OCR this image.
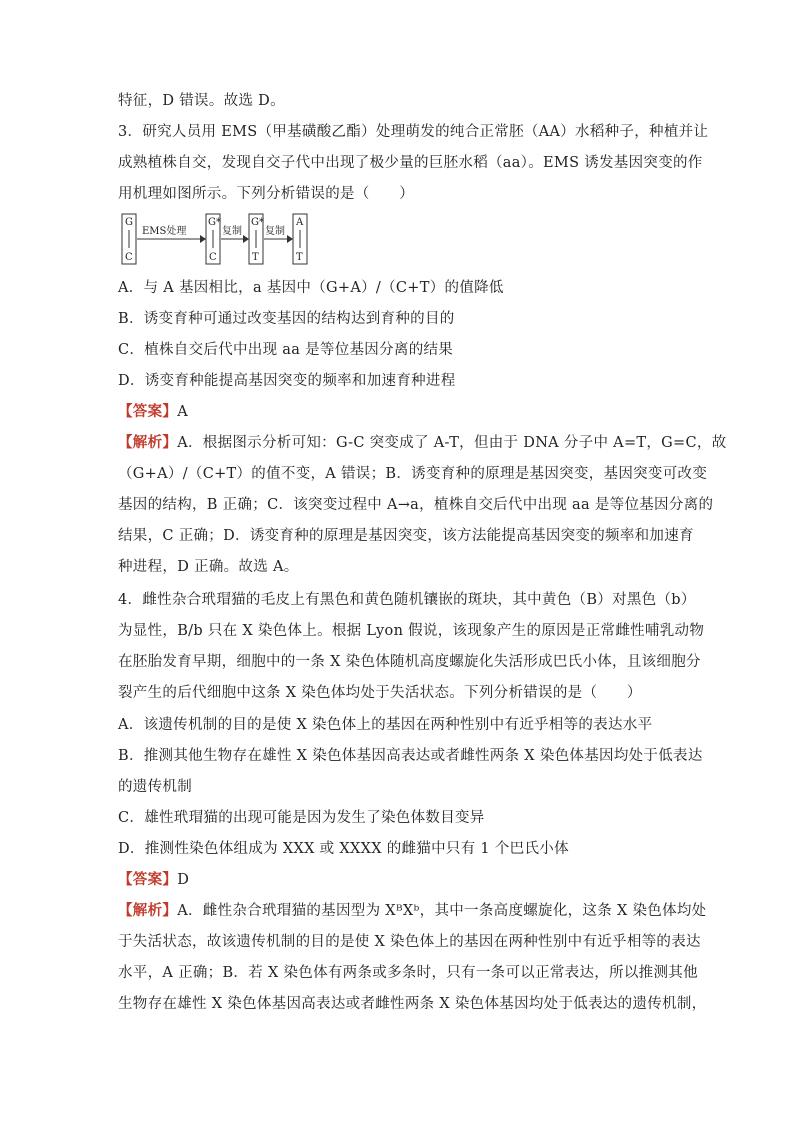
特征，D 错误。故选 D。
3．研究人员用 EMS（甲基磺酸乙酯）处理萌发的纯合正常胚（AA）水稻种子，种植并让
成熟植株自交，发现自交子代中出现了极少量的巨胚水稻（aa）。EMS 诱发基因突变的作
用机理如图所示。下列分析错误的是（　　）
G
C
EMS处理
G*
C
复制
G*
T
复制
A
T
A．与 A 基因相比，a 基因中（G+A）/（C+T）的值降低
B．诱变育种可通过改变基因的结构达到育种的目的
C．植株自交后代中出现 aa 是等位基因分离的结果
D．诱变育种能提高基因突变的频率和加速育种进程
【答案】A
【解析】A．根据图示分析可知：G-C 突变成了 A-T，但由于 DNA 分子中 A=T，G=C，故
（G+A）/（C+T）的值不变，A 错误；B．诱变育种的原理是基因突变，基因突变可改变
基因的结构，B 正确；C．该突变过程中 A→a，植株自交后代中出现 aa 是等位基因分离的
结果，C 正确；D．诱变育种的原理是基因突变，该方法能提高基因突变的频率和加速育
种进程，D 正确。故选 A。
4．雌性杂合玳瑁猫的毛皮上有黑色和黄色随机镶嵌的斑块，其中黄色（B）对黑色（b）
为显性，B/b 只在 X 染色体上。根据 Lyon 假说，该现象产生的原因是正常雌性哺乳动物
在胚胎发育早期，细胞中的一条 X 染色体随机高度螺旋化失活形成巴氏小体，且该细胞分
裂产生的后代细胞中这条 X 染色体均处于失活状态。下列分析错误的是（　　）
A．该遗传机制的目的是使 X 染色体上的基因在两种性别中有近乎相等的表达水平
B．推测其他生物存在雄性 X 染色体基因高表达或者雌性两条 X 染色体基因均处于低表达
的遗传机制
C．雄性玳瑁猫的出现可能是因为发生了染色体数目变异
D．推测性染色体组成为 XXX 或 XXXX 的雌猫中只有 1 个巴氏小体
【答案】D
【解析】A．雌性杂合玳瑁猫的基因型为 XᴮXᵇ，其中一条高度螺旋化，这条 X 染色体均处
于失活状态，故该遗传机制的目的是使 X 染色体上的基因在两种性别中有近乎相等的表达
水平，A 正确；B．若 X 染色体有两条或多条时，只有一条可以正常表达，所以推测其他
生物存在雄性 X 染色体基因高表达或者雌性两条 X 染色体基因均处于低表达的遗传机制，
